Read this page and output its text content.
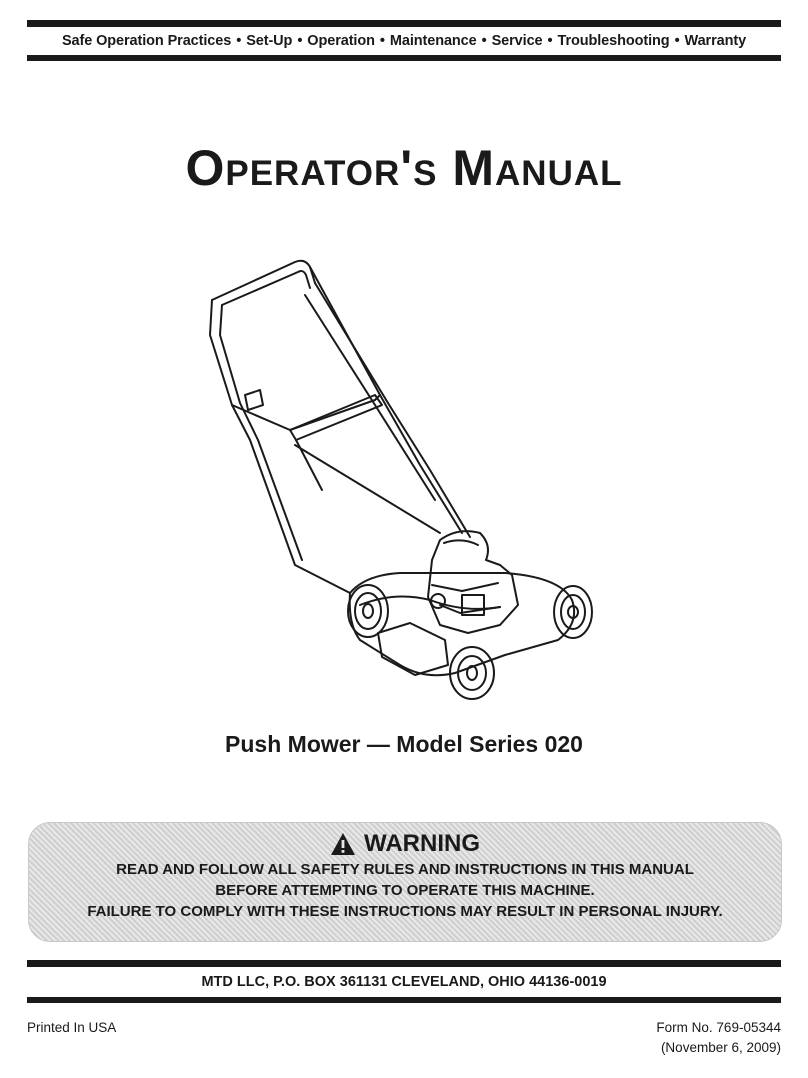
Safe Operation Practices • Set-Up • Operation • Maintenance • Service • Troubleshooting • Warranty
Operator's Manual
Push Mower — Model Series 020
WARNING
READ AND FOLLOW ALL SAFETY RULES AND INSTRUCTIONS IN THIS MANUAL
BEFORE ATTEMPTING TO OPERATE THIS MACHINE.
FAILURE TO COMPLY WITH THESE INSTRUCTIONS MAY RESULT IN PERSONAL INJURY.
MTD LLC, P.O. BOX 361131 CLEVELAND, OHIO 44136-0019
Printed In USA	Form No. 769-05344
(November 6, 2009)
